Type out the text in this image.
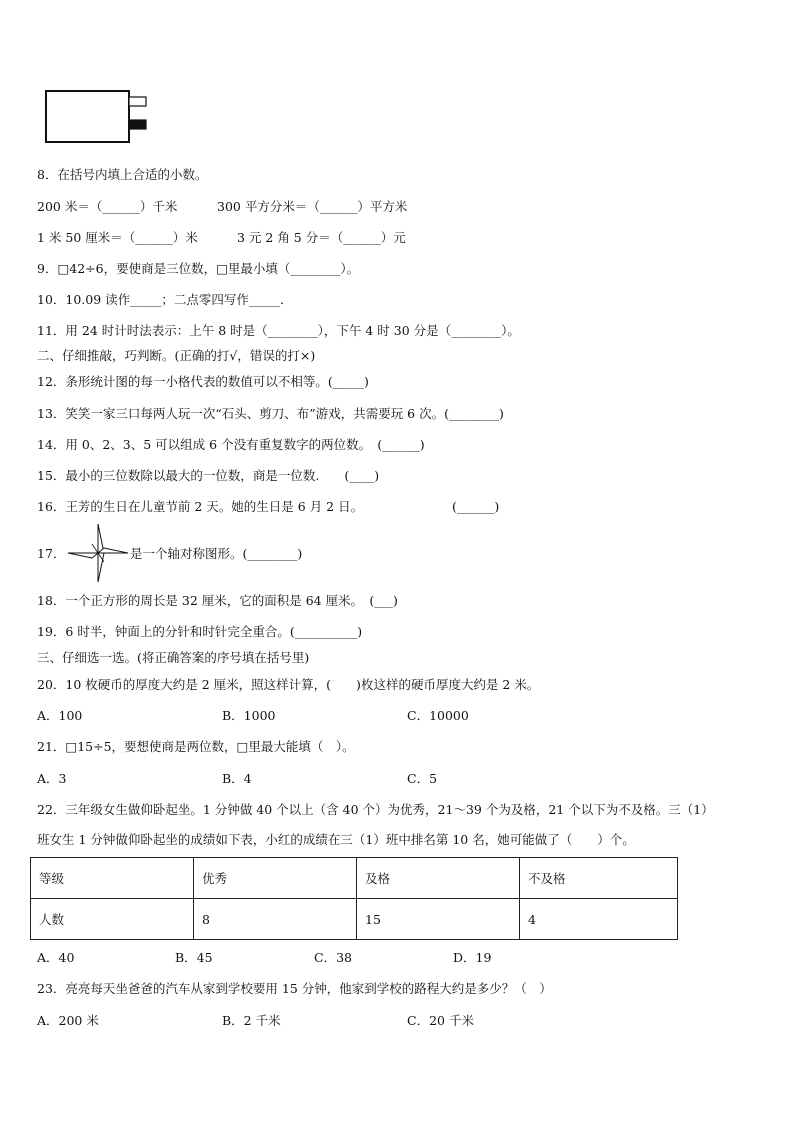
8．在括号内填上合适的小数。
200 米＝（______）千米	300 平方分米＝（______）平方米
1 米 50 厘米＝（______）米	3 元 2 角 5 分＝（______）元
9．□42÷6，要使商是三位数，□里最小填（________）。
10．10.09 读作_____；二点零四写作_____．
11．用 24 时计时法表示：上午 8 时是（________），下午 4 时 30 分是（________）。
二、仔细推敲，巧判断。(正确的打√，错误的打×)
12．条形统计图的每一小格代表的数值可以不相等。(_____)
13．笑笑一家三口每两人玩一次“石头、剪刀、布”游戏，共需要玩 6 次。(________)
14．用 0、2、3、5 可以组成 6 个没有重复数字的两位数。　(______)
15．最小的三位数除以最大的一位数，商是一位数.　　(____)
16．王芳的生日在儿童节前 2 天。她的生日是 6 月 2 日。	(______)
17．	是一个轴对称图形。(________)
18．一个正方形的周长是 32 厘米，它的面积是 64 厘米。　(___)
19．6 时半，钟面上的分针和时针完全重合。(__________)
三、仔细选一选。(将正确答案的序号填在括号里)
20．10 枚硬币的厚度大约是 2 厘米，照这样计算，(　　)枚这样的硬币厚度大约是 2 米。
A．100	B．1000	C．10000
21．□15÷5，要想使商是两位数，□里最大能填（　）。
A．3	B．4	C．5
22．三年级女生做仰卧起坐。1 分钟做 40 个以上（含 40 个）为优秀，21～39 个为及格，21 个以下为不及格。三（1）
班女生 1 分钟做仰卧起坐的成绩如下表，小红的成绩在三（1）班中排名第 10 名，她可能做了（　　）个。
等级	优秀	及格	不及格
人数	8	15	4
A．40	B．45	C．38	D．19
23．亮亮每天坐爸爸的汽车从家到学校要用 15 分钟，他家到学校的路程大约是多少？（　）
A．200 米	B．2 千米	C．20 千米
